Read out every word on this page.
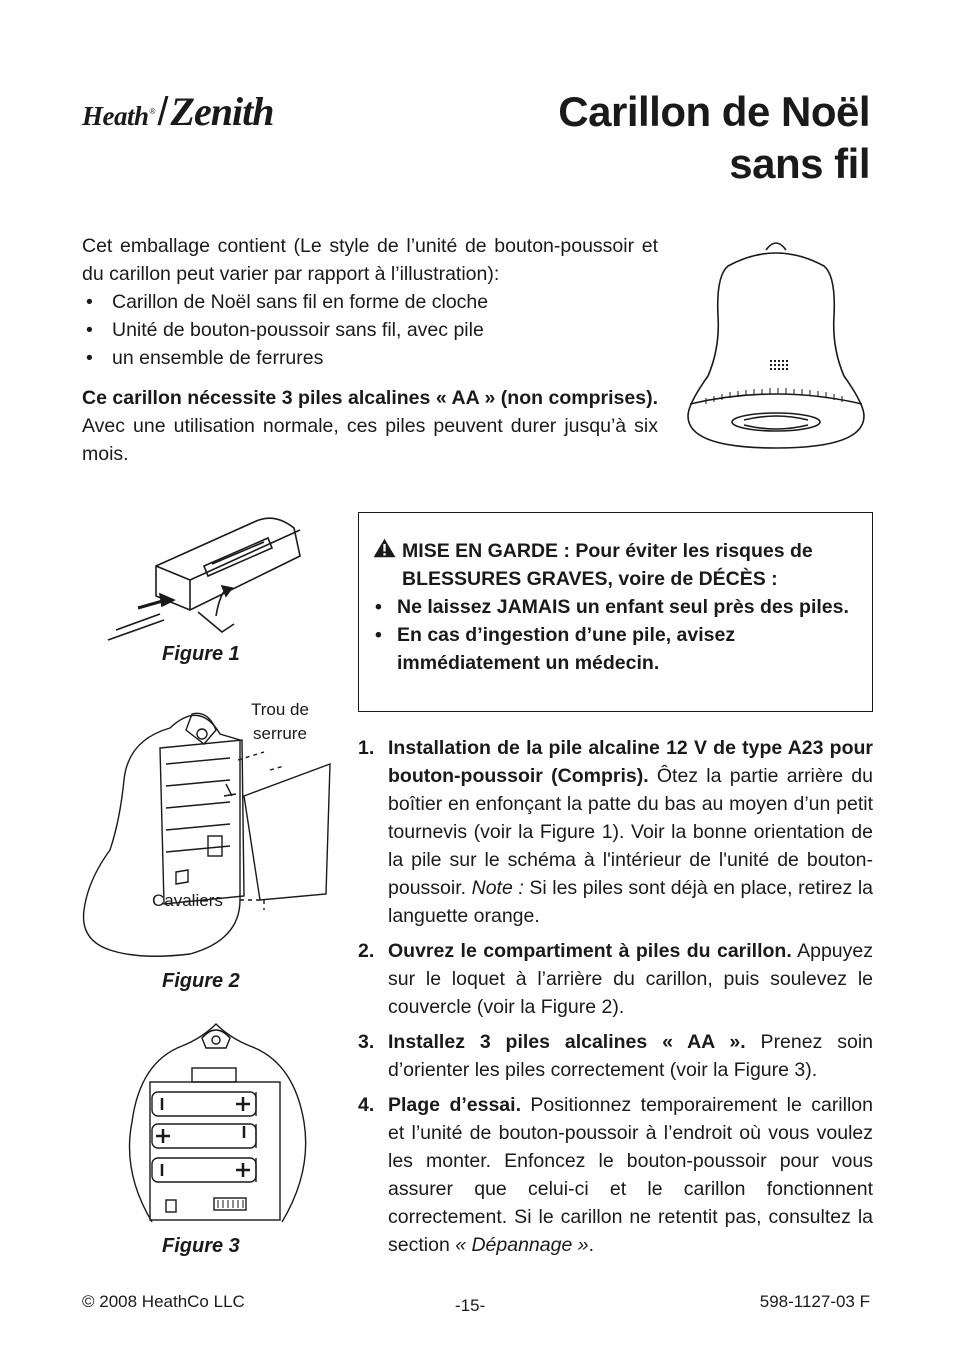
Heath ® / Zenith	Carillon de Noël
sans fil

Cet emballage contient (Le style de l’unité de bouton-poussoir et du carillon peut varier par rapport à l’illustration):

• Carillon de Noël sans fil en forme de cloche
• Unité de bouton-poussoir sans fil, avec pile
• un ensemble de ferrures

Ce carillon nécessite 3 piles alcalines « AA » (non comprises). Avec une utilisation normale, ces piles peuvent durer jusqu’à six mois.

Figure 1
Trou de
serrure
Cavaliers
Figure 2
Figure 3
MISE EN GARDE : Pour éviter les risques de BLESSURES GRAVES, voire de DÉCÈS :
• Ne laissez JAMAIS un enfant seul près des piles.
• En cas d’ingestion d’une pile, avisez immédiatement un médecin.
1. Installation de la pile alcaline 12 V de type A23 pour bouton-poussoir (Compris). Ôtez la partie arrière du boîtier en enfonçant la patte du bas au moyen d’un petit tournevis (voir la Figure 1). Voir la bonne orientation de la pile sur le schéma à l'intérieur de l'unité de bouton-poussoir. Note : Si les piles sont déjà en place, retirez la languette orange.
2. Ouvrez le compartiment à piles du carillon. Appuyez sur le loquet à l’arrière du carillon, puis soulevez le couvercle (voir la Figure 2).
3. Installez 3 piles alcalines « AA ». Prenez soin d’orienter les piles correctement (voir la Figure 3).
4. Plage d’essai. Positionnez temporairement le carillon et l’unité de bouton-poussoir à l’endroit où vous voulez les monter. Enfoncez le bouton-poussoir pour vous assurer que celui-ci et le carillon fonctionnent correctement. Si le carillon ne retentit pas, consultez la section « Dépannage ».
© 2008 HeathCo LLC	-15-	598-1127-03 F
